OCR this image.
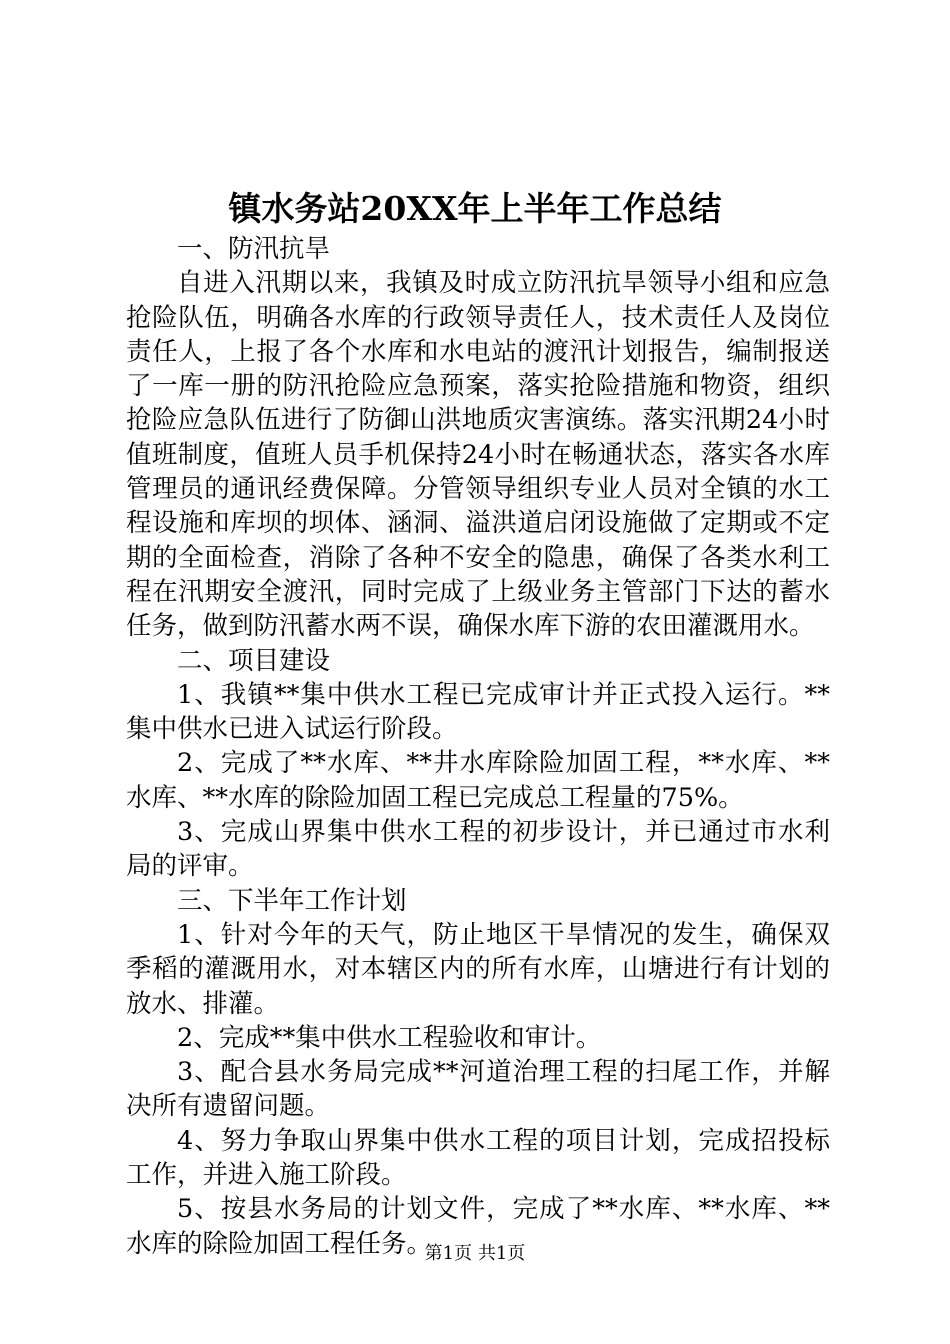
镇水务站20XX年上半年工作总结

一、防汛抗旱

自进入汛期以来，我镇及时成立防汛抗旱领导小组和应急抢险队伍，明确各水库的行政领导责任人，技术责任人及岗位责任人，上报了各个水库和水电站的渡汛计划报告，编制报送了一库一册的防汛抢险应急预案，落实抢险措施和物资，组织抢险应急队伍进行了防御山洪地质灾害演练。落实汛期24小时值班制度，值班人员手机保持24小时在畅通状态，落实各水库管理员的通讯经费保障。分管领导组织专业人员对全镇的水工程设施和库坝的坝体、涵洞、溢洪道启闭设施做了定期或不定期的全面检查，消除了各种不安全的隐患，确保了各类水利工程在汛期安全渡汛，同时完成了上级业务主管部门下达的蓄水任务，做到防汛蓄水两不误，确保水库下游的农田灌溉用水。

二、项目建设

1、我镇**集中供水工程已完成审计并正式投入运行。**集中供水已进入试运行阶段。

2、完成了**水库、**井水库除险加固工程，**水库、**水库、**水库的除险加固工程已完成总工程量的75%。

3、完成山界集中供水工程的初步设计，并已通过市水利局的评审。

三、下半年工作计划

1、针对今年的天气，防止地区干旱情况的发生，确保双季稻的灌溉用水，对本辖区内的所有水库，山塘进行有计划的放水、排灌。

2、完成**集中供水工程验收和审计。

3、配合县水务局完成**河道治理工程的扫尾工作，并解决所有遗留问题。

4、努力争取山界集中供水工程的项目计划，完成招投标工作，并进入施工阶段。

5、按县水务局的计划文件，完成了**水库、**水库、**水库的除险加固工程任务。

第1页 共1页
